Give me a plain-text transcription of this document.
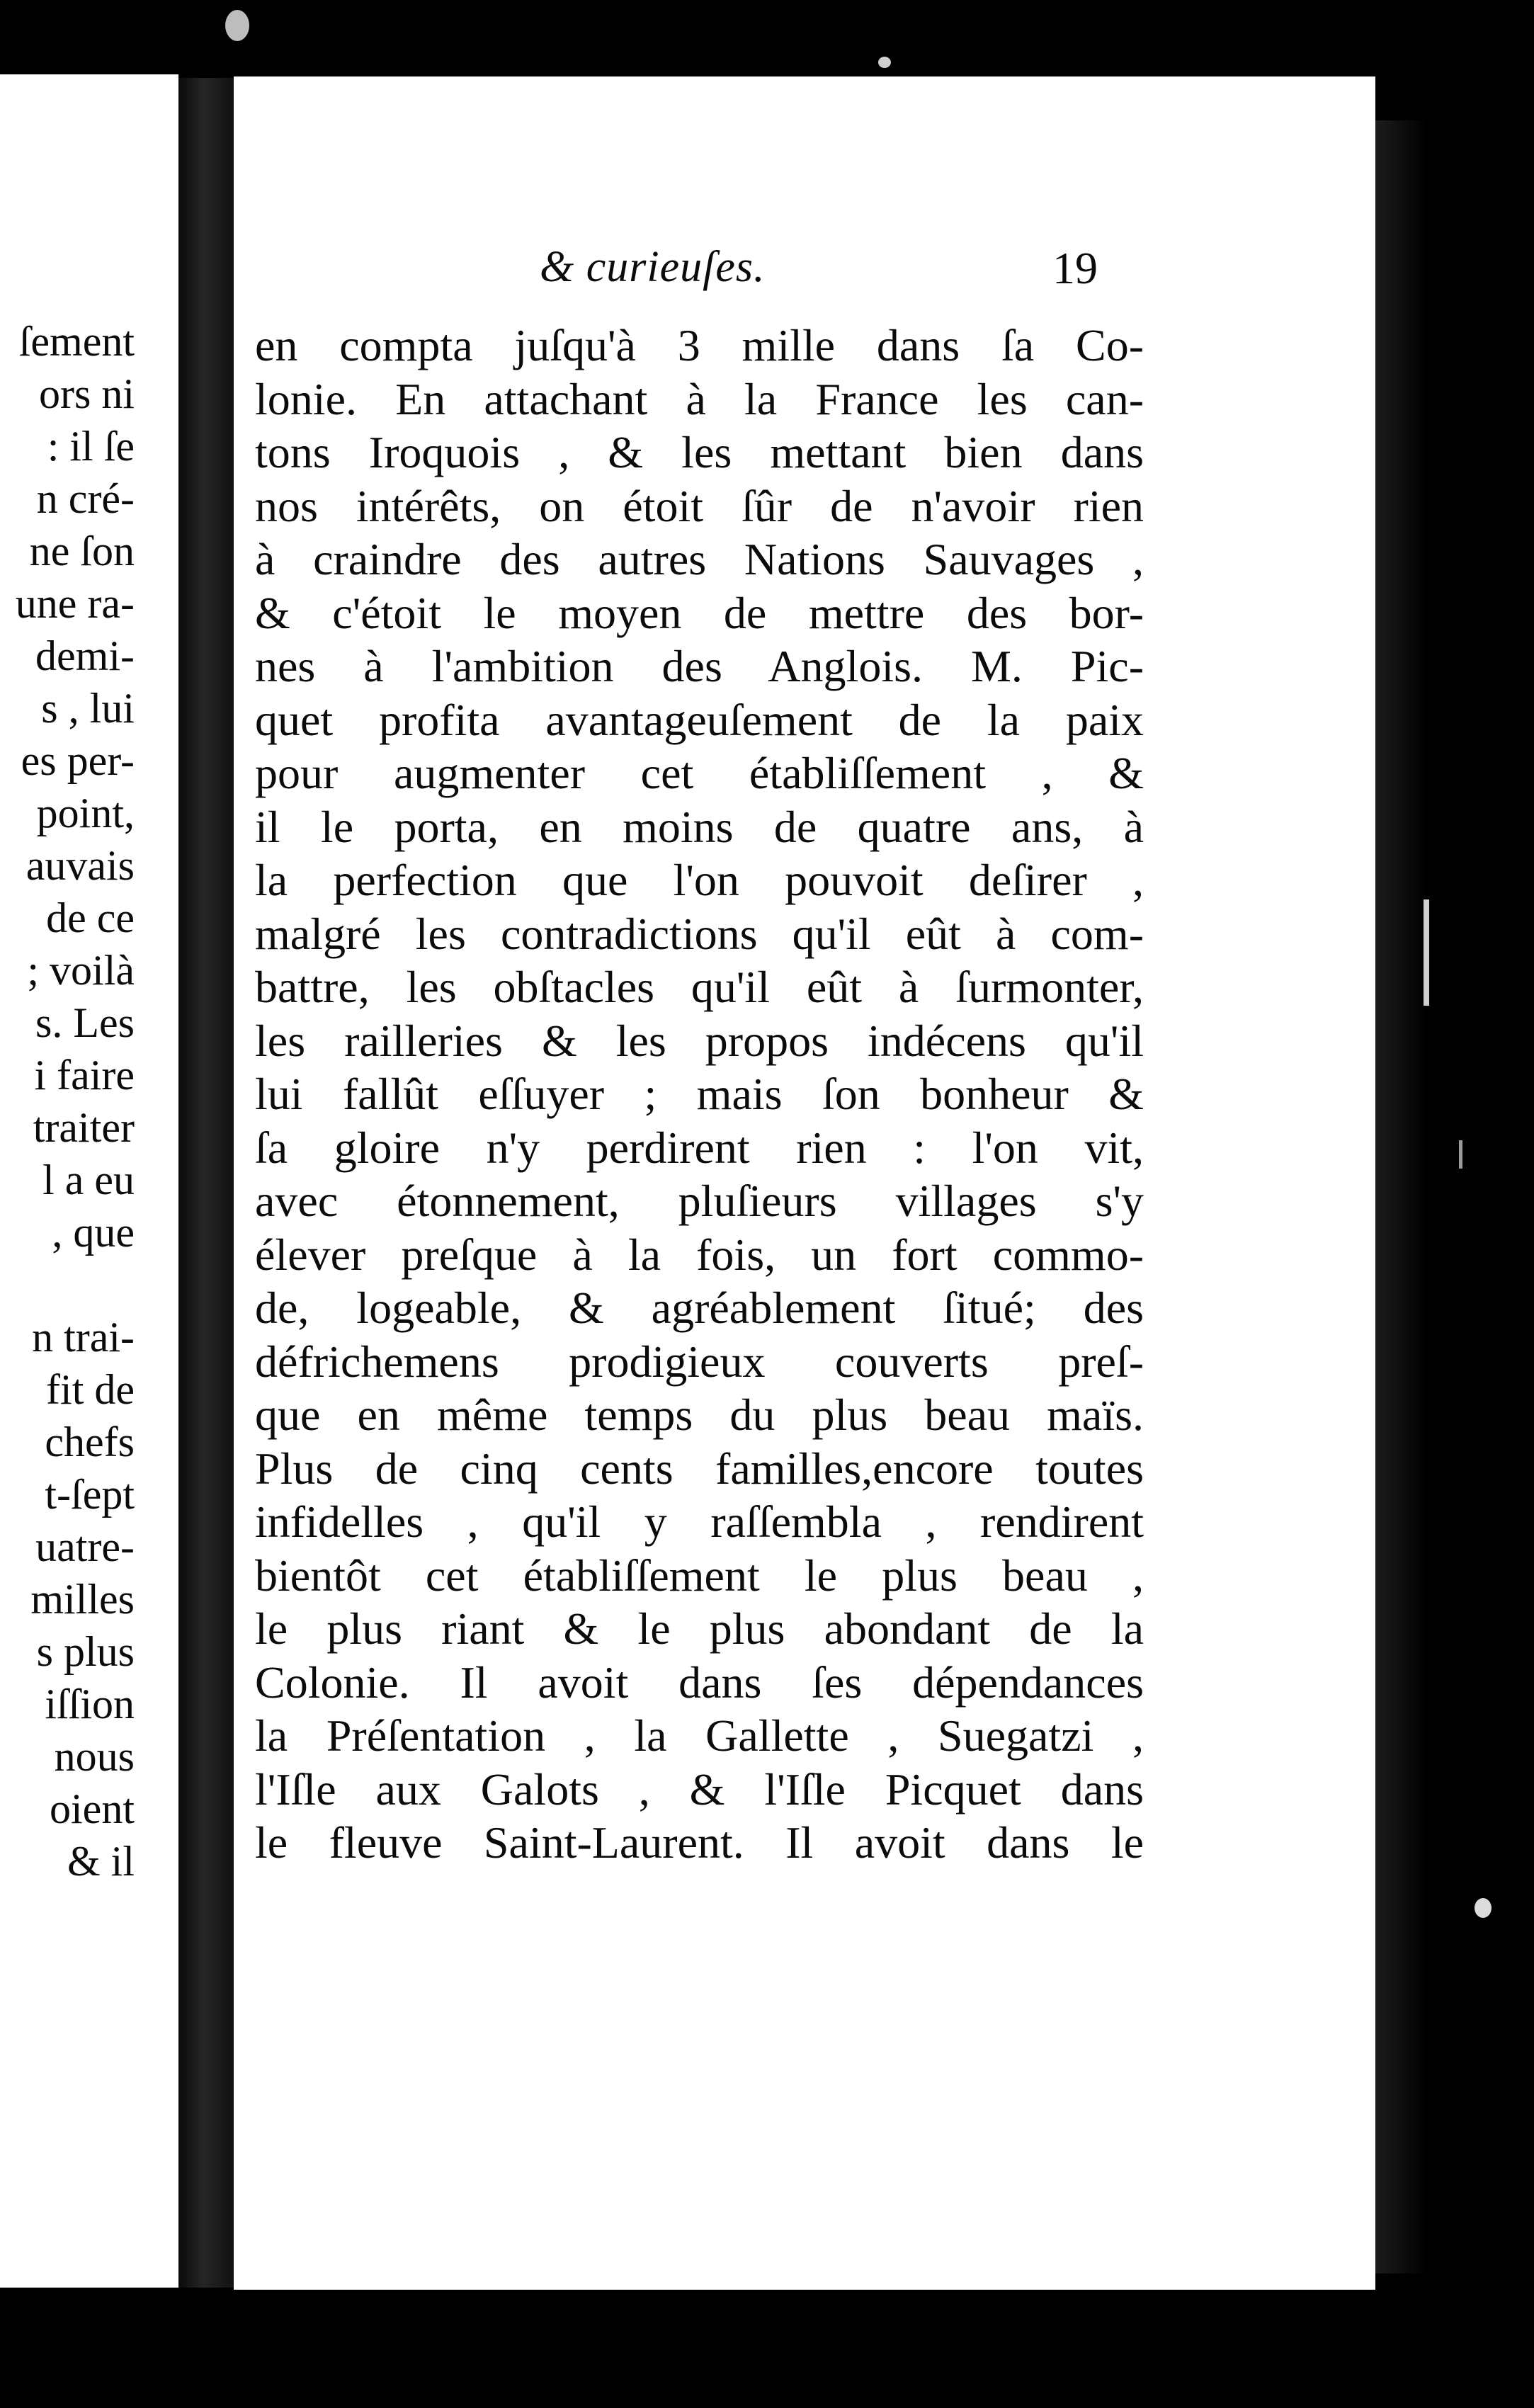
ſement
ors ni
: il ſe
n cré-
ne ſon
une ra-
demi-
s , lui
es per-
point,
auvais
de ce
; voilà
s. Les
i faire
traiter
l a eu
, que
n trai-
fit de
chefs
t-ſept
uatre-
milles
s plus
iſſion
nous
oient
& il
& curieuſes.	19
en compta juſqu'à 3 mille dans ſa Co-
lonie. En attachant à la France les can-
tons Iroquois , & les mettant bien dans
nos intérêts, on étoit ſûr de n'avoir rien
à craindre des autres Nations Sauvages ,
& c'étoit le moyen de mettre des bor-
nes à l'ambition des Anglois. M. Pic-
quet profita avantageuſement de la paix
pour augmenter cet établiſſement , &
il le porta, en moins de quatre ans, à
la perfection que l'on pouvoit deſirer ,
malgré les contradictions qu'il eût à com-
battre, les obſtacles qu'il eût à ſurmonter,
les railleries & les propos indécens qu'il
lui fallût eſſuyer ; mais ſon bonheur &
ſa gloire n'y perdirent rien : l'on vit,
avec étonnement, pluſieurs villages s'y
élever preſque à la fois, un fort commo-
de, logeable, & agréablement ſitué; des
défrichemens prodigieux couverts preſ-
que en même temps du plus beau maïs.
Plus de cinq cents familles,encore toutes
infidelles , qu'il y raſſembla , rendirent
bientôt cet établiſſement le plus beau ,
le plus riant & le plus abondant de la
Colonie. Il avoit dans ſes dépendances
la Préſentation , la Gallette , Suegatzi ,
l'Iſle aux Galots , & l'Iſle Picquet dans
le fleuve Saint-Laurent. Il avoit dans le
